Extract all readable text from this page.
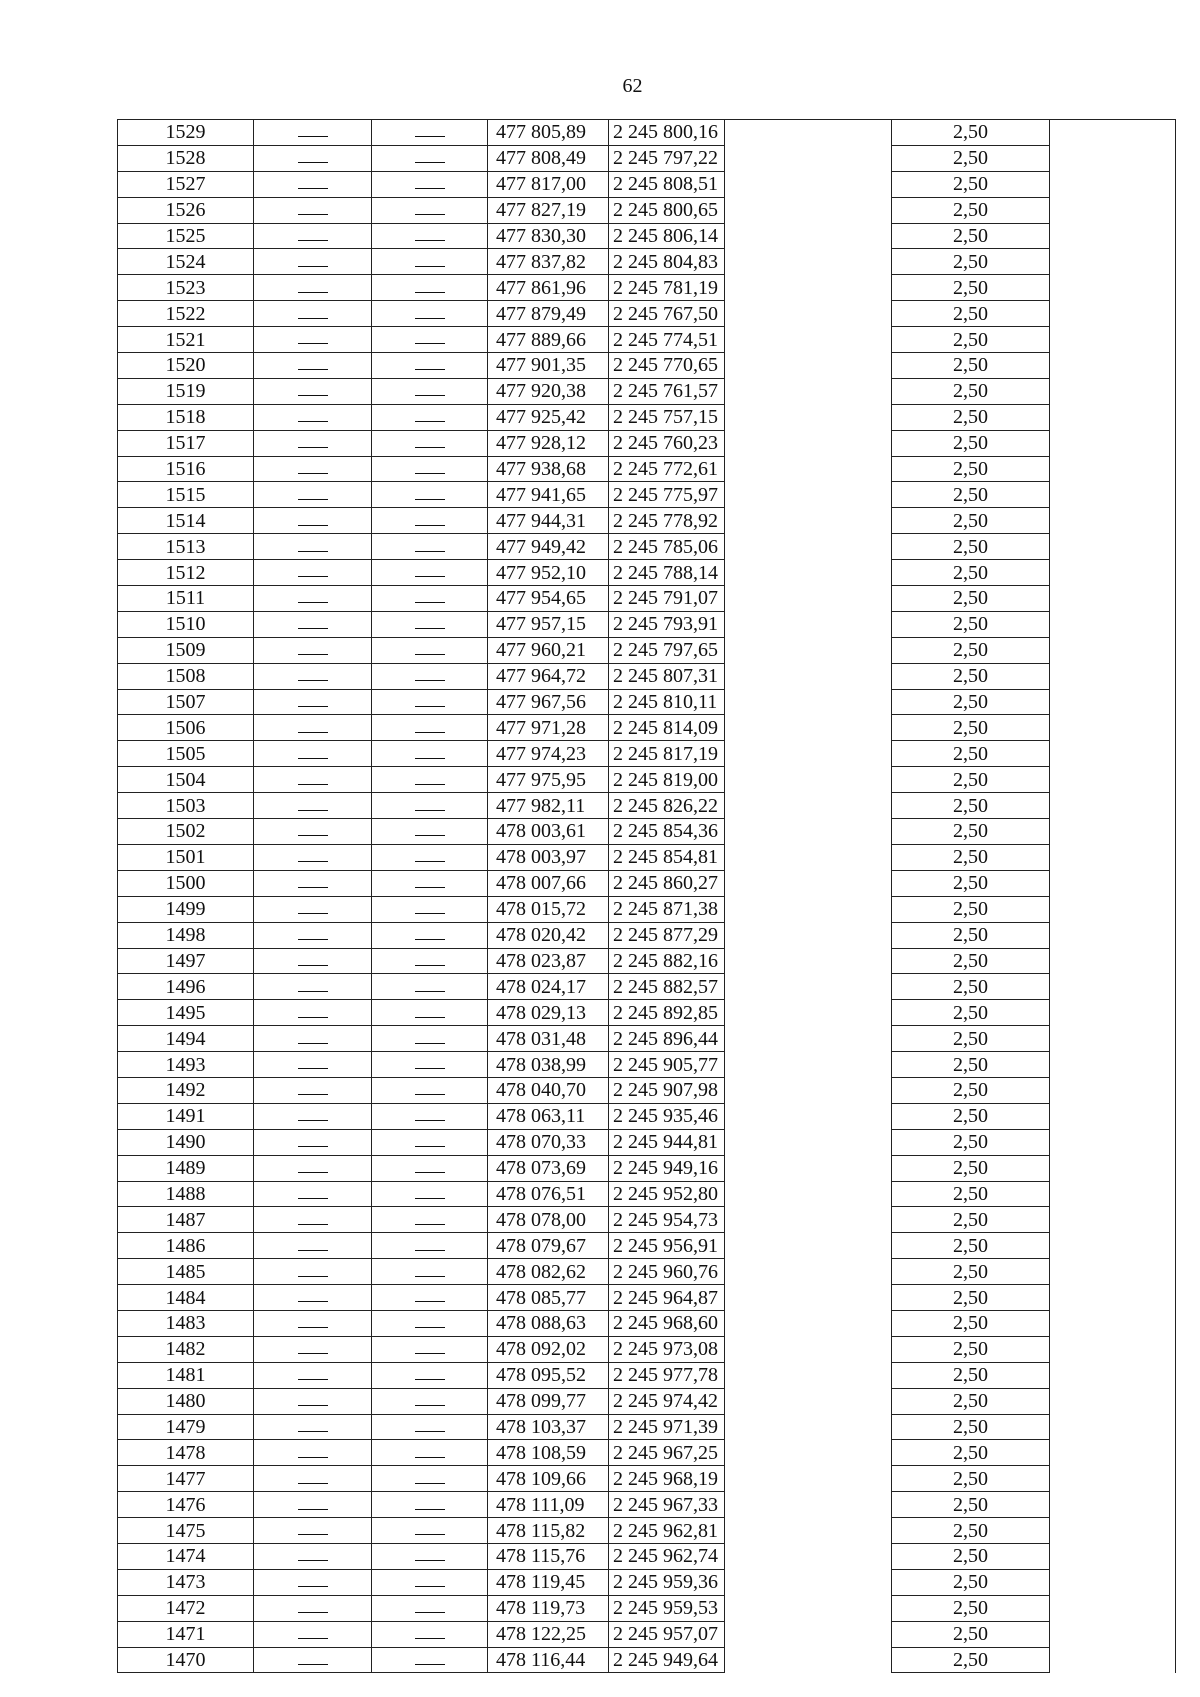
62
1529			477 805,89	2 245 800,16		2,50	
1528			477 808,49	2 245 797,22		2,50	
1527			477 817,00	2 245 808,51		2,50	
1526			477 827,19	2 245 800,65		2,50	
1525			477 830,30	2 245 806,14		2,50	
1524			477 837,82	2 245 804,83		2,50	
1523			477 861,96	2 245 781,19		2,50	
1522			477 879,49	2 245 767,50		2,50	
1521			477 889,66	2 245 774,51		2,50	
1520			477 901,35	2 245 770,65		2,50	
1519			477 920,38	2 245 761,57		2,50	
1518			477 925,42	2 245 757,15		2,50	
1517			477 928,12	2 245 760,23		2,50	
1516			477 938,68	2 245 772,61		2,50	
1515			477 941,65	2 245 775,97		2,50	
1514			477 944,31	2 245 778,92		2,50	
1513			477 949,42	2 245 785,06		2,50	
1512			477 952,10	2 245 788,14		2,50	
1511			477 954,65	2 245 791,07		2,50	
1510			477 957,15	2 245 793,91		2,50	
1509			477 960,21	2 245 797,65		2,50	
1508			477 964,72	2 245 807,31		2,50	
1507			477 967,56	2 245 810,11		2,50	
1506			477 971,28	2 245 814,09		2,50	
1505			477 974,23	2 245 817,19		2,50	
1504			477 975,95	2 245 819,00		2,50	
1503			477 982,11	2 245 826,22		2,50	
1502			478 003,61	2 245 854,36		2,50	
1501			478 003,97	2 245 854,81		2,50	
1500			478 007,66	2 245 860,27		2,50	
1499			478 015,72	2 245 871,38		2,50	
1498			478 020,42	2 245 877,29		2,50	
1497			478 023,87	2 245 882,16		2,50	
1496			478 024,17	2 245 882,57		2,50	
1495			478 029,13	2 245 892,85		2,50	
1494			478 031,48	2 245 896,44		2,50	
1493			478 038,99	2 245 905,77		2,50	
1492			478 040,70	2 245 907,98		2,50	
1491			478 063,11	2 245 935,46		2,50	
1490			478 070,33	2 245 944,81		2,50	
1489			478 073,69	2 245 949,16		2,50	
1488			478 076,51	2 245 952,80		2,50	
1487			478 078,00	2 245 954,73		2,50	
1486			478 079,67	2 245 956,91		2,50	
1485			478 082,62	2 245 960,76		2,50	
1484			478 085,77	2 245 964,87		2,50	
1483			478 088,63	2 245 968,60		2,50	
1482			478 092,02	2 245 973,08		2,50	
1481			478 095,52	2 245 977,78		2,50	
1480			478 099,77	2 245 974,42		2,50	
1479			478 103,37	2 245 971,39		2,50	
1478			478 108,59	2 245 967,25		2,50	
1477			478 109,66	2 245 968,19		2,50	
1476			478 111,09	2 245 967,33		2,50	
1475			478 115,82	2 245 962,81		2,50	
1474			478 115,76	2 245 962,74		2,50	
1473			478 119,45	2 245 959,36		2,50	
1472			478 119,73	2 245 959,53		2,50	
1471			478 122,25	2 245 957,07		2,50	
1470			478 116,44	2 245 949,64		2,50	
